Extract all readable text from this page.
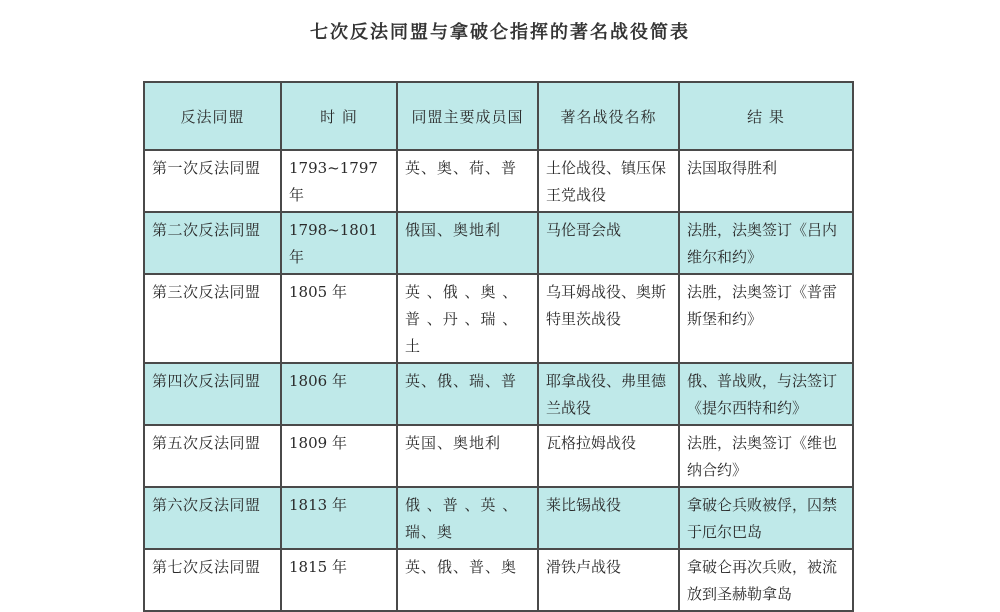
七次反法同盟与拿破仑指挥的著名战役简表
反法同盟	时 间	同盟主要成员国	著名战役名称	结 果
第一次反法同盟	1793~1797 年	英、奥、荷、普	土伦战役、镇压保王党战役	法国取得胜利
第二次反法同盟	1798~1801 年	俄国、奥地利	马伦哥会战	法胜，法奥签订《吕内维尔和约》
第三次反法同盟	1805 年	英 、俄 、奥 、普 、丹 、瑞 、土	乌耳姆战役、奥斯特里茨战役	法胜，法奥签订《普雷斯堡和约》
第四次反法同盟	1806 年	英、俄、瑞、普	耶拿战役、弗里德兰战役	俄、普战败，与法签订《提尔西特和约》
第五次反法同盟	1809 年	英国、奥地利	瓦格拉姆战役	法胜，法奥签订《维也纳合约》
第六次反法同盟	1813 年	俄 、普 、英 、瑞、奥	莱比锡战役	拿破仑兵败被俘，囚禁于厄尔巴岛
第七次反法同盟	1815 年	英、俄、普、奥	滑铁卢战役	拿破仑再次兵败，被流放到圣赫勒拿岛
